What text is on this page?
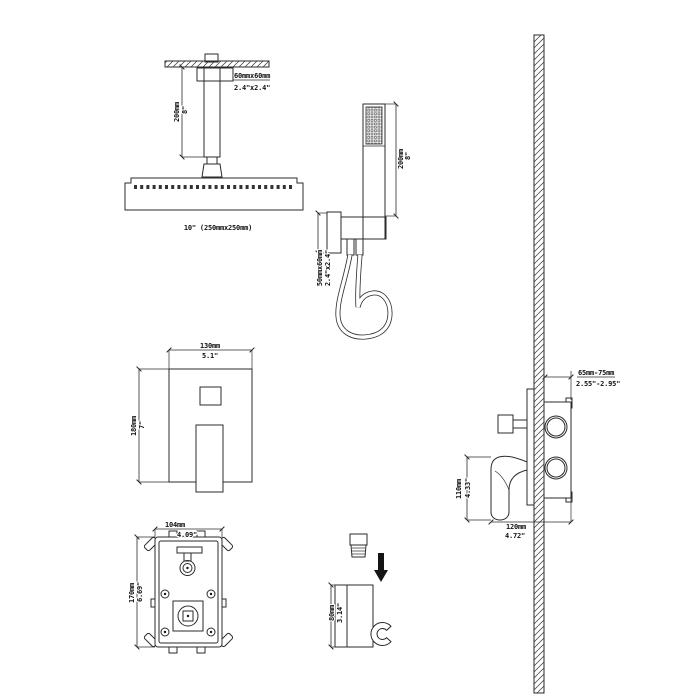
60mmx60mm
2.4"x2.4"
200mm 8"
10" (250mmx250mm)
200mm 8"
50mmx60mm 2.4"x2.4"
130mm
5.1"
180mm 7"
104mm
4.09"
170mm 6.69"
80mm 3.14"
65mm-75mm
2.55"-2.95"
110mm 4.33"
120mm
4.72"
